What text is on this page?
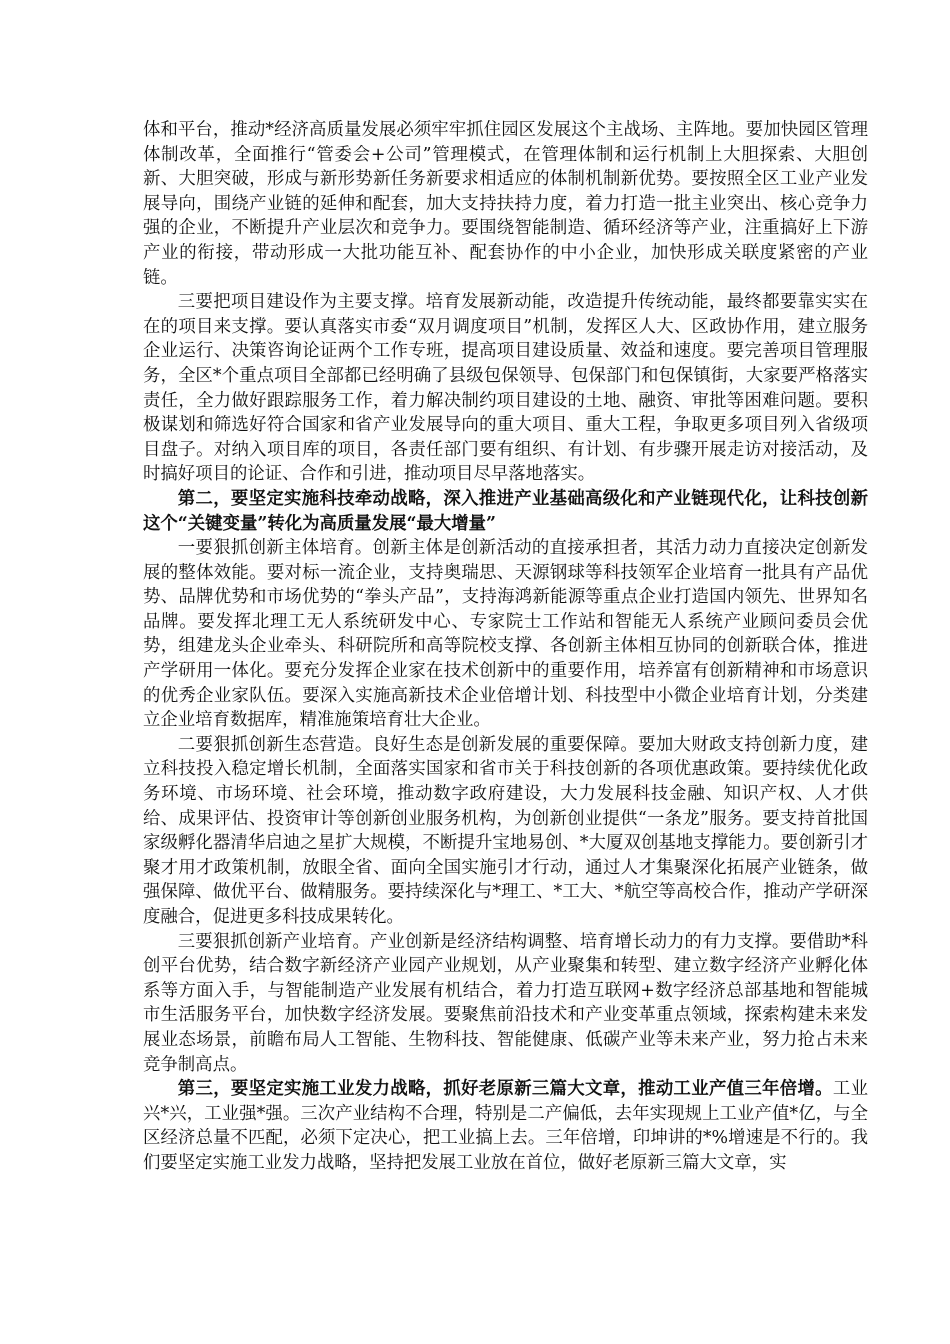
体和平台，推动*经济高质量发展必须牢牢抓住园区发展这个主战场、主阵地。要加快园区管理体制改革，全面推行“管委会+公司”管理模式，在管理体制和运行机制上大胆探索、大胆创新、大胆突破，形成与新形势新任务新要求相适应的体制机制新优势。要按照全区工业产业发展导向，围绕产业链的延伸和配套，加大支持扶持力度，着力打造一批主业突出、核心竞争力强的企业，不断提升产业层次和竞争力。要围绕智能制造、循环经济等产业，注重搞好上下游产业的衔接，带动形成一大批功能互补、配套协作的中小企业，加快形成关联度紧密的产业链。

三要把项目建设作为主要支撑。培育发展新动能，改造提升传统动能，最终都要靠实实在在的项目来支撑。要认真落实市委“双月调度项目”机制，发挥区人大、区政协作用，建立服务企业运行、决策咨询论证两个工作专班，提高项目建设质量、效益和速度。要完善项目管理服务，全区*个重点项目全部都已经明确了县级包保领导、包保部门和包保镇街，大家要严格落实责任，全力做好跟踪服务工作，着力解决制约项目建设的土地、融资、审批等困难问题。要积极谋划和筛选好符合国家和省产业发展导向的重大项目、重大工程，争取更多项目列入省级项目盘子。对纳入项目库的项目，各责任部门要有组织、有计划、有步骤开展走访对接活动，及时搞好项目的论证、合作和引进，推动项目尽早落地落实。

第二，要坚定实施科技牵动战略，深入推进产业基础高级化和产业链现代化，让科技创新这个“关键变量”转化为高质量发展“最大增量”

一要狠抓创新主体培育。创新主体是创新活动的直接承担者，其活力动力直接决定创新发展的整体效能。要对标一流企业，支持奥瑞思、天源钢球等科技领军企业培育一批具有产品优势、品牌优势和市场优势的“拳头产品”，支持海鸿新能源等重点企业打造国内领先、世界知名品牌。要发挥北理工无人系统研发中心、专家院士工作站和智能无人系统产业顾问委员会优势，组建龙头企业牵头、科研院所和高等院校支撑、各创新主体相互协同的创新联合体，推进产学研用一体化。要充分发挥企业家在技术创新中的重要作用，培养富有创新精神和市场意识的优秀企业家队伍。要深入实施高新技术企业倍增计划、科技型中小微企业培育计划，分类建立企业培育数据库，精准施策培育壮大企业。

二要狠抓创新生态营造。良好生态是创新发展的重要保障。要加大财政支持创新力度，建立科技投入稳定增长机制，全面落实国家和省市关于科技创新的各项优惠政策。要持续优化政务环境、市场环境、社会环境，推动数字政府建设，大力发展科技金融、知识产权、人才供给、成果评估、投资审计等创新创业服务机构，为创新创业提供“一条龙”服务。要支持首批国家级孵化器清华启迪之星扩大规模，不断提升宝地易创、*大厦双创基地支撑能力。要创新引才聚才用才政策机制，放眼全省、面向全国实施引才行动，通过人才集聚深化拓展产业链条，做强保障、做优平台、做精服务。要持续深化与*理工、*工大、*航空等高校合作，推动产学研深度融合，促进更多科技成果转化。

三要狠抓创新产业培育。产业创新是经济结构调整、培育增长动力的有力支撑。要借助*科创平台优势，结合数字新经济产业园产业规划，从产业聚集和转型、建立数字经济产业孵化体系等方面入手，与智能制造产业发展有机结合，着力打造互联网+数字经济总部基地和智能城市生活服务平台，加快数字经济发展。要聚焦前沿技术和产业变革重点领域，探索构建未来发展业态场景，前瞻布局人工智能、生物科技、智能健康、低碳产业等未来产业，努力抢占未来竞争制高点。

第三，要坚定实施工业发力战略，抓好老原新三篇大文章，推动工业产值三年倍增。工业兴*兴，工业强*强。三次产业结构不合理，特别是二产偏低，去年实现规上工业产值*亿，与全区经济总量不匹配，必须下定决心，把工业搞上去。三年倍增，印坤讲的*%增速是不行的。我们要坚定实施工业发力战略，坚持把发展工业放在首位，做好老原新三篇大文章，实
